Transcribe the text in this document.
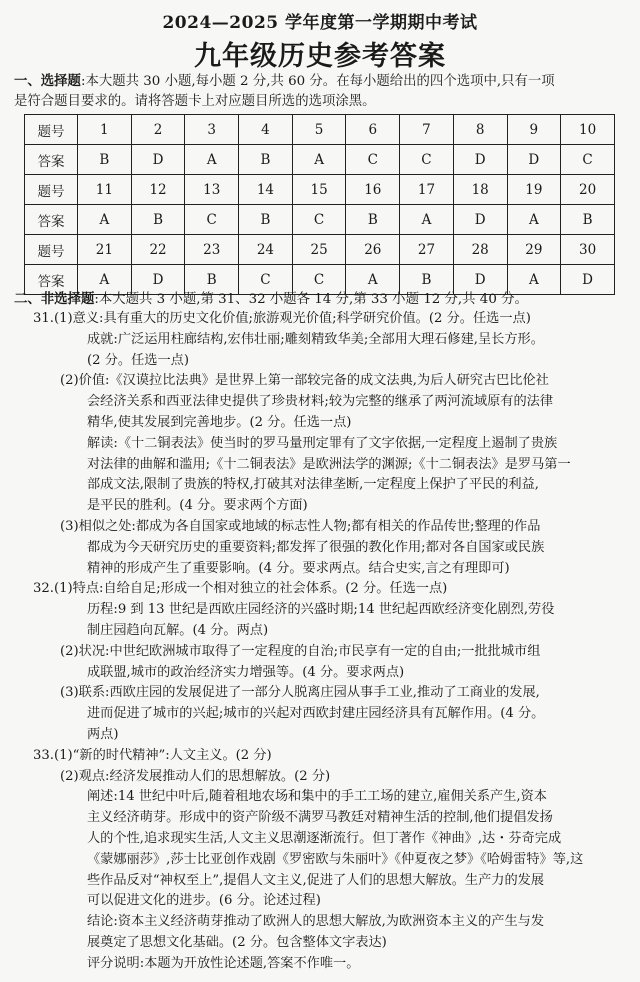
2024—2025 学年度第一学期期中考试
九年级历史参考答案
一、选择题:本大题共 30 小题,每小题 2 分,共 60 分。在每小题给出的四个选项中,只有一项
是符合题目要求的。请将答题卡上对应题目所选的选项涂黑。
题号	1	2	3	4	5	6	7	8	9	10
答案	B	D	A	B	A	C	C	D	D	C
题号	11	12	13	14	15	16	17	18	19	20
答案	A	B	C	B	C	B	A	D	A	B
题号	21	22	23	24	25	26	27	28	29	30
答案	A	D	B	C	C	A	B	D	A	D
二、非选择题:本大题共 3 小题,第 31、32 小题各 14 分,第 33 小题 12 分,共 40 分。
31.(1)意义:具有重大的历史文化价值;旅游观光价值;科学研究价值。(2 分。任选一点)
成就:广泛运用柱廊结构,宏伟壮丽;雕刻精致华美;全部用大理石修建,呈长方形。
(2 分。任选一点)
(2)价值:《汉谟拉比法典》是世界上第一部较完备的成文法典,为后人研究古巴比伦社
会经济关系和西亚法律史提供了珍贵材料;较为完整的继承了两河流域原有的法律
精华,使其发展到完善地步。(2 分。任选一点)
解读:《十二铜表法》使当时的罗马量刑定罪有了文字依据,一定程度上遏制了贵族
对法律的曲解和滥用;《十二铜表法》是欧洲法学的渊源;《十二铜表法》是罗马第一
部成文法,限制了贵族的特权,打破其对法律垄断,一定程度上保护了平民的利益,
是平民的胜利。(4 分。要求两个方面)
(3)相似之处:都成为各自国家或地域的标志性人物;都有相关的作品传世;整理的作品
都成为今天研究历史的重要资料;都发挥了很强的教化作用;都对各自国家或民族
精神的形成产生了重要影响。(4 分。要求两点。结合史实,言之有理即可)
32.(1)特点:自给自足;形成一个相对独立的社会体系。(2 分。任选一点)
历程:9 到 13 世纪是西欧庄园经济的兴盛时期;14 世纪起西欧经济变化剧烈,劳役
制庄园趋向瓦解。(4 分。两点)
(2)状况:中世纪欧洲城市取得了一定程度的自治;市民享有一定的自由;一批批城市组
成联盟,城市的政治经济实力增强等。(4 分。要求两点)
(3)联系:西欧庄园的发展促进了一部分人脱离庄园从事手工业,推动了工商业的发展,
进而促进了城市的兴起;城市的兴起对西欧封建庄园经济具有瓦解作用。(4 分。
两点)
33.(1)“新的时代精神”:人文主义。(2 分)
(2)观点:经济发展推动人们的思想解放。(2 分)
阐述:14 世纪中叶后,随着租地农场和集中的手工工场的建立,雇佣关系产生,资本
主义经济萌芽。形成中的资产阶级不满罗马教廷对精神生活的控制,他们提倡发扬
人的个性,追求现实生活,人文主义思潮逐渐流行。但丁著作《神曲》,达・芬奇完成
《蒙娜丽莎》,莎士比亚创作戏剧《罗密欧与朱丽叶》《仲夏夜之梦》《哈姆雷特》等,这
些作品反对“神权至上”,提倡人文主义,促进了人们的思想大解放。生产力的发展
可以促进文化的进步。(6 分。论述过程)
结论:资本主义经济萌芽推动了欧洲人的思想大解放,为欧洲资本主义的产生与发
展奠定了思想文化基础。(2 分。包含整体文字表达)
评分说明:本题为开放性论述题,答案不作唯一。
